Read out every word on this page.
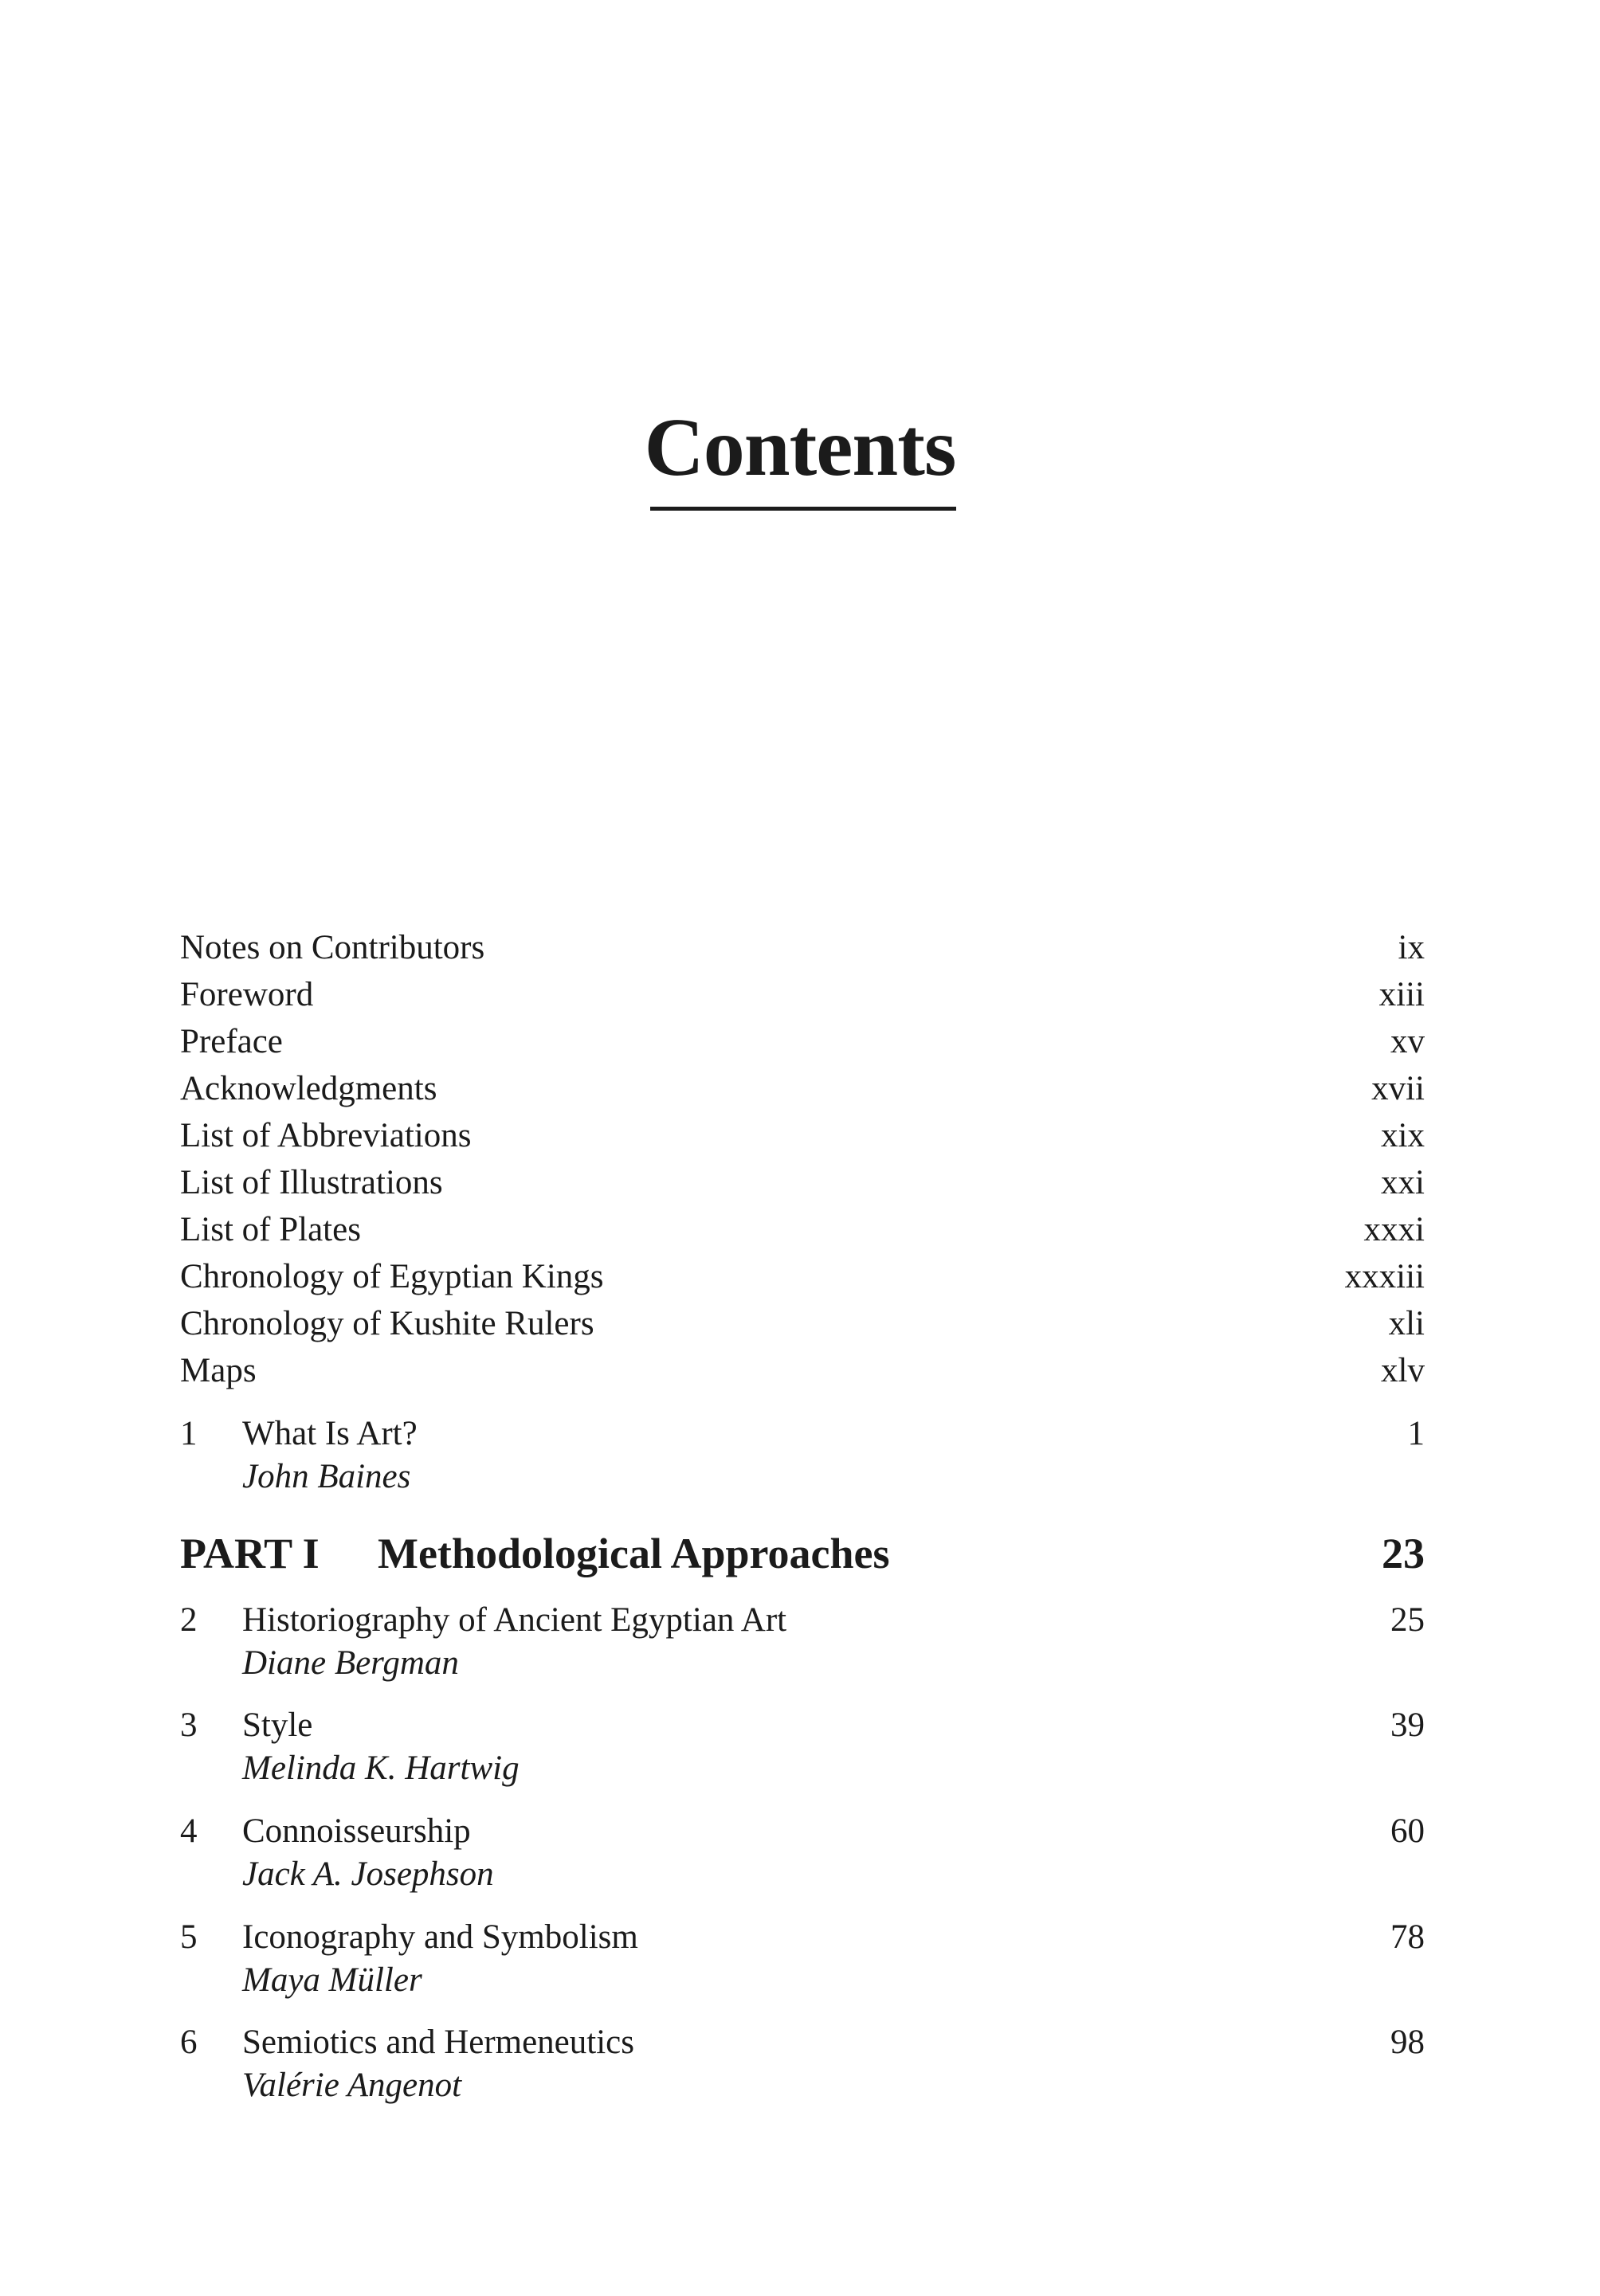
Contents
Notes on Contributors	ix
Foreword	xiii
Preface	xv
Acknowledgments	xvii
List of Abbreviations	xix
List of Illustrations	xxi
List of Plates	xxxi
Chronology of Egyptian Kings	xxxiii
Chronology of Kushite Rulers	xli
Maps	xlv
1 What Is Art?	1
John Baines
PART I Methodological Approaches	23
2 Historiography of Ancient Egyptian Art	25
Diane Bergman
3 Style	39
Melinda K. Hartwig
4 Connoisseurship	60
Jack A. Josephson
5 Iconography and Symbolism	78
Maya Müller
6 Semiotics and Hermeneutics	98
Valérie Angenot
